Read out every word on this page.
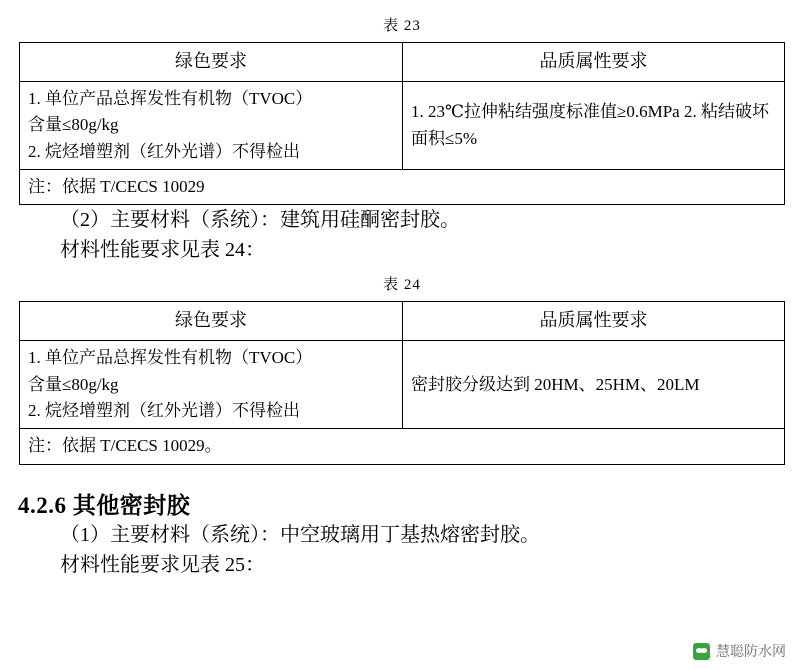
表 23
绿色要求	品质属性要求

1. 单位产品总挥发性有机物（TVOC）
含量≤80g/kg
2. 烷烃增塑剂（红外光谱）不得检出	1. 23℃拉伸粘结强度标准值≥0.6MPa 2. 粘结破坏面积≤5%
注：依据 T/CECS 10029	

（2）主要材料（系统）：建筑用硅酮密封胶。

材料性能要求见表 24：

表 24
绿色要求	品质属性要求

1. 单位产品总挥发性有机物（TVOC）
含量≤80g/kg
2. 烷烃增塑剂（红外光谱）不得检出	密封胶分级达到 20HM、25HM、20LM
注：依据 T/CECS 10029。	
4.2.6 其他密封胶

（1）主要材料（系统）：中空玻璃用丁基热熔密封胶。

材料性能要求见表 25：

慧聪防水网
